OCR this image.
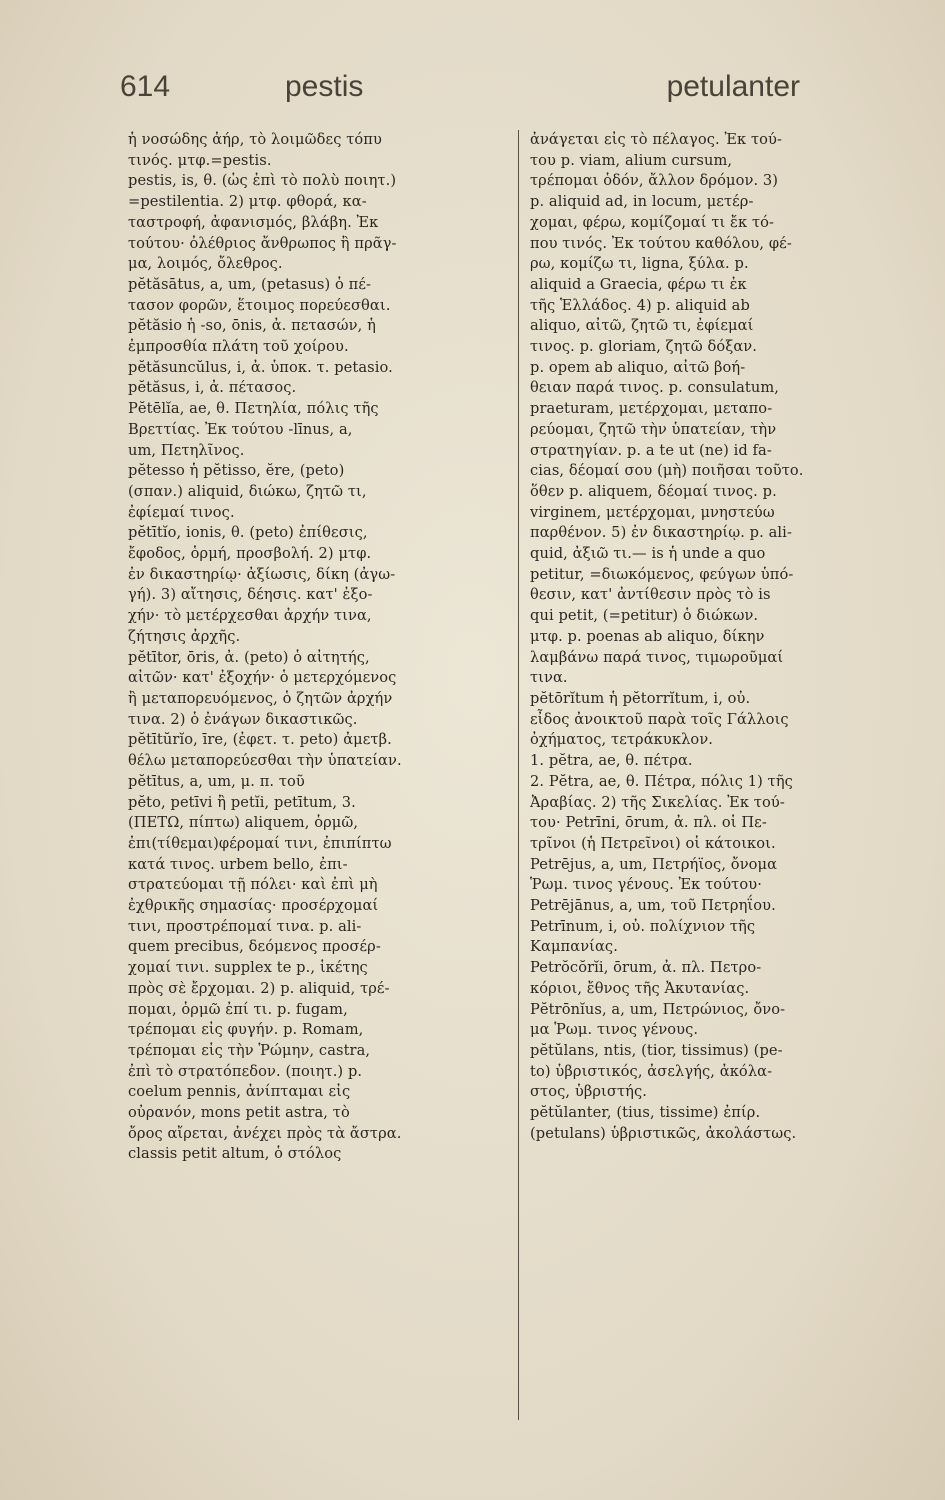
614	pestis	petulanter
ἡ νοσώδης ἀήρ, τὸ λοιμῶδες τόπυ
τινός. μτφ.=pestis.
pestis, is, θ. (ὡς ἐπὶ τὸ πολὺ ποιητ.)
=pestilentia. 2) μτφ. φθορά, κα-
ταστροφή, ἀφανισμός, βλάβη. Ἐκ
τούτου· ὀλέθριος ἄνθρωπος ἢ πρᾶγ-
μα, λοιμός, ὄλεθρος.
pĕtăsātus, a, um, (petasus) ὁ πέ-
τασον φορῶν, ἕτοιμος πορεύεσθαι.
pĕtăsio ἡ -so, ōnis, ἀ. πετασών, ἡ
ἐμπροσθία πλάτη τοῦ χοίρου.
pĕtăsuncŭlus, i, ἀ. ὑποκ. τ. petasio.
pĕtăsus, i, ἀ. πέτασος.
Pĕtēlĭa, ae, θ. Πετηλία, πόλις τῆς
Βρεττίας. Ἐκ τούτου -līnus, a,
um, Πετηλῖνος.
pĕtesso ἡ pĕtisso, ĕre, (peto)
(σπαν.) aliquid, διώκω, ζητῶ τι,
ἐφίεμαί τινος.
pĕtītĭo, ionis, θ. (peto) ἐπίθεσις,
ἔφοδος, ὁρμή, προσβολή. 2) μτφ.
ἐν δικαστηρίῳ· ἀξίωσις, δίκη (ἀγω-
γή). 3) αἴτησις, δέησις. κατ' ἐξο-
χήν· τὸ μετέρχεσθαι ἀρχήν τινα,
ζήτησις ἀρχῆς.
pĕtītor, ōris, ἀ. (peto) ὁ αἰτητής,
αἰτῶν· κατ' ἐξοχήν· ὁ μετερχόμενος
ἢ μεταπορευόμενος, ὁ ζητῶν ἀρχήν
τινα. 2) ὁ ἐνάγων δικαστικῶς.
pĕtītŭrĭo, īre, (ἐφετ. τ. peto) ἀμετβ.
θέλω μεταπορεύεσθαι τὴν ὑπατείαν.
pĕtītus, a, um, μ. π. τοῦ
pĕto, petīvi ἢ petĭi, petītum, 3.
(ΠΕΤΩ, πίπτω) aliquem, ὁρμῶ,
ἐπι(τίθεμαι)φέρομαί τινι, ἐπιπίπτω
κατά τινος. urbem bello, ἐπι-
στρατεύομαι τῇ πόλει· καὶ ἐπὶ μὴ
ἐχθρικῆς σημασίας· προσέρχομαί
τινι, προστρέπομαί τινα. p. ali-
quem precibus, δεόμενος προσέρ-
χομαί τινι. supplex te p., ἱκέτης
πρὸς σὲ ἔρχομαι. 2) p. aliquid, τρέ-
πομαι, ὁρμῶ ἐπί τι. p. fugam,
τρέπομαι εἰς φυγήν. p. Romam,
τρέπομαι εἰς τὴν Ῥώμην, castra,
ἐπὶ τὸ στρατόπεδον. (ποιητ.) p.
coelum pennis, ἀνίπταμαι εἰς
οὐρανόν, mons petit astra, τὸ
ὄρος αἴρεται, ἀνέχει πρὸς τὰ ἄστρα.
classis petit altum, ὁ στόλος
ἀνάγεται εἰς τὸ πέλαγος. Ἐκ τού-
του p. viam, alium cursum,
τρέπομαι ὁδόν, ἄλλον δρόμον. 3)
p. aliquid ad, in locum, μετέρ-
χομαι, φέρω, κομίζομαί τι ἔκ τό-
που τινός. Ἐκ τούτου καθόλου, φέ-
ρω, κομίζω τι, ligna, ξύλα. p.
aliquid a Graecia, φέρω τι ἐκ
τῆς Ἑλλάδος. 4) p. aliquid ab
aliquo, αἰτῶ, ζητῶ τι, ἐφίεμαί
τινος. p. gloriam, ζητῶ δόξαν.
p. opem ab aliquo, αἰτῶ βοή-
θειαν παρά τινος. p. consulatum,
praeturam, μετέρχομαι, μεταπο-
ρεύομαι, ζητῶ τὴν ὑπατείαν, τὴν
στρατηγίαν. p. a te ut (ne) id fa-
cias, δέομαί σου (μὴ) ποιῆσαι τοῦτο.
ὅθεν p. aliquem, δέομαί τινος. p.
virginem, μετέρχομαι, μνηστεύω
παρθένον. 5) ἐν δικαστηρίῳ. p. ali-
quid, ἀξιῶ τι.— is ἡ unde a quo
petitur, =διωκόμενος, φεύγων ὑπό-
θεσιν, κατ' ἀντίθεσιν πρὸς τὸ is
qui petit, (=petitur) ὁ διώκων.
μτφ. p. poenas ab aliquo, δίκην
λαμβάνω παρά τινος, τιμωροῦμαί
τινα.
pĕtōrĭtum ἡ pĕtorrĭtum, i, οὐ.
εἶδος ἀνοικτοῦ παρὰ τοῖς Γάλλοις
ὀχήματος, τετράκυκλον.
1. pĕtra, ae, θ. πέτρα.
2. Pĕtra, ae, θ. Πέτρα, πόλις 1) τῆς
Ἀραβίας. 2) τῆς Σικελίας. Ἐκ τού-
του· Petrīni, ōrum, ἀ. πλ. οἱ Πε-
τρῖνοι (ἡ Πετρεῖνοι) οἱ κάτοικοι.
Petrējus, a, um, Πετρήϊος, ὄνομα
Ῥωμ. τινος γένους. Ἐκ τούτου·
Petrējānus, a, um, τοῦ Πετρηΐου.
Petrīnum, i, οὐ. πολίχνιον τῆς
Καμπανίας.
Petrŏcŏrĭi, ōrum, ἀ. πλ. Πετρο-
κόριοι, ἔθνος τῆς Ἀκυτανίας.
Pĕtrōnĭus, a, um, Πετρώνιος, ὄνο-
μα Ῥωμ. τινος γένους.
pĕtŭlans, ntis, (tior, tissimus) (pe-
to) ὑβριστικός, ἀσελγής, ἀκόλα-
στος, ὑβριστής.
pĕtŭlanter, (tius, tissime) ἐπίρ.
(petulans) ὑβριστικῶς, ἀκολάστως.
